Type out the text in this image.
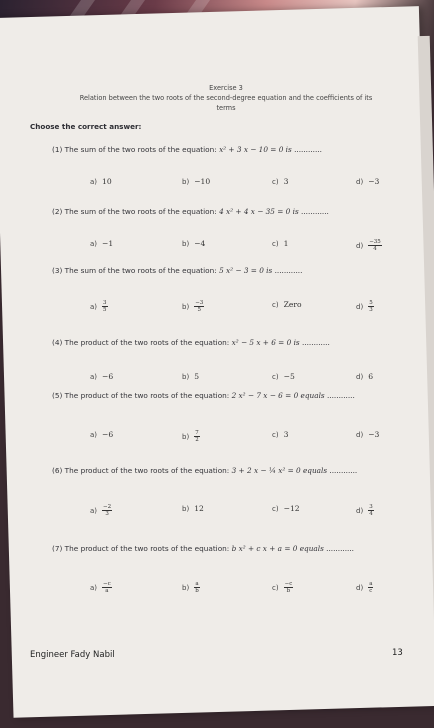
Exercise 3
Relation between the two roots of the second-degree equation and the coefficients of its
terms
Choose the correct answer:
(1) The sum of the two roots of the equation: x² + 3 x − 10 = 0 is ............
a) 10	b) −10	c) 3	d) −3
(2) The sum of the two roots of the equation: 4 x² + 4 x − 35 = 0 is ............
a) −1	b) −4	c) 1	$d) \frac{-35}{4}$
(3) The sum of the two roots of the equation: 5 x² − 3 = 0 is ............
$a) \frac{3}{5}$	$b) \frac{-3}{5}$	c) Zero	$d) \frac{5}{3}$
(4) The product of the two roots of the equation: x² − 5 x + 6 = 0 is ............
a) −6	b) 5	c) −5	d) 6
(5) The product of the two roots of the equation: 2 x² − 7 x − 6 = 0 equals ............
a) −6	$b) \frac{7}{2}$	c) 3	d) −3
(6) The product of the two roots of the equation: 3 + 2 x − ¼ x² = 0 equals ............
$a) \frac{-2}{3}$	b) 12	c) −12	$d) \frac{3}{4}$
(7) The product of the two roots of the equation: b x² + c x + a = 0 equals ............
$a) \frac{-c}{a}$	$b) \frac{a}{b}$	$c) \frac{-c}{b}$	$d) \frac{a}{c}$
Engineer Fady Nabil	13
